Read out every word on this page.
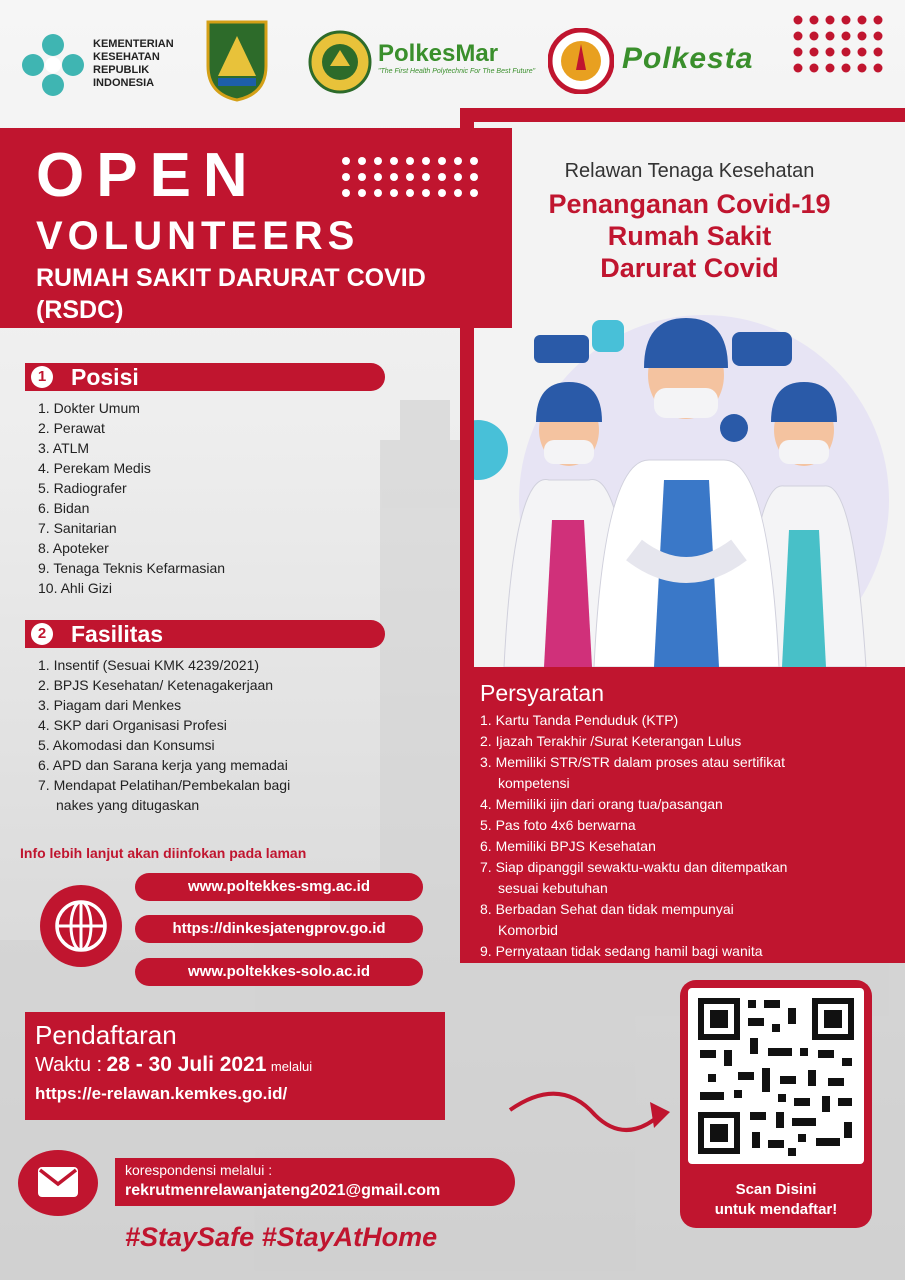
KEMENTERIAN
KESEHATAN
REPUBLIK
INDONESIA
PolkesMar
"The First Health Polytechnic For The Best Future"	Polkesta
Relawan Tenaga Kesehatan
Penanganan Covid-19
Rumah Sakit
Darurat Covid
OPEN
VOLUNTEERS
RUMAH SAKIT DARURAT COVID (RSDC)
1 Posisi
1. Dokter Umum
2. Perawat
3. ATLM
4. Perekam Medis
5. Radiografer
6. Bidan
7. Sanitarian
8. Apoteker
9. Tenaga Teknis Kefarmasian
10. Ahli Gizi
2 Fasilitas
1. Insentif (Sesuai KMK 4239/2021)
2. BPJS Kesehatan/ Ketenagakerjaan
3. Piagam dari Menkes
4. SKP dari Organisasi Profesi
5. Akomodasi dan Konsumsi
6. APD dan Sarana kerja yang memadai
7. Mendapat Pelatihan/Pembekalan bagi
nakes yang ditugaskan
Persyaratan
1. Kartu Tanda Penduduk (KTP)
2. Ijazah Terakhir /Surat Keterangan Lulus
3. Memiliki STR/STR dalam proses atau sertifikat
kompetensi
4. Memiliki ijin dari orang tua/pasangan
5. Pas foto 4x6 berwarna
6. Memiliki BPJS Kesehatan
7. Siap dipanggil sewaktu-waktu dan ditempatkan
sesuai kebutuhan
8. Berbadan Sehat dan tidak mempunyai
Komorbid
9. Pernyataan tidak sedang hamil bagi wanita
Info lebih lanjut akan diinfokan pada laman
www.poltekkes-smg.ac.id
https://dinkesjatengprov.go.id
www.poltekkes-solo.ac.id
Pendaftaran
Waktu : 28 - 30 Juli 2021 melalui
https://e-relawan.kemkes.go.id/
Scan Disini
untuk mendaftar!
korespondensi melalui :
rekrutmenrelawanjateng2021@gmail.com
#StaySafe #StayAtHome
